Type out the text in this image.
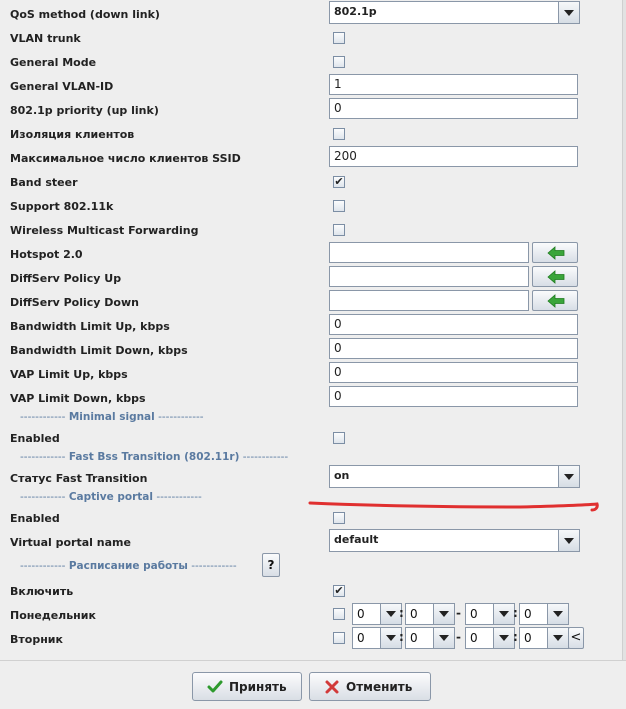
QoS method (down link)	802.1p
VLAN trunk
General Mode
General VLAN-ID	1
802.1p priority (up link)	0
Изоляция клиентов
Максимальное число клиентов SSID	200
Band steer	✔
Support 802.11k
Wireless Multicast Forwarding
Hotspot 2.0
DiffServ Policy Up
DiffServ Policy Down
Bandwidth Limit Up, kbps	0
Bandwidth Limit Down, kbps	0
VAP Limit Up, kbps	0
VAP Limit Down, kbps	0
------------ Minimal signal ------------
Enabled
------------ Fast Bss Transition (802.11r) ------------
Статус Fast Transition	on
------------ Captive portal ------------
Enabled
Virtual portal name	default
------------ Расписание работы ------------	?
Включить	✔
Понедельник	0	: 0	- 0	: 0
Вторник	0	: 0	- 0	: 0	<
Принять	Отменить
